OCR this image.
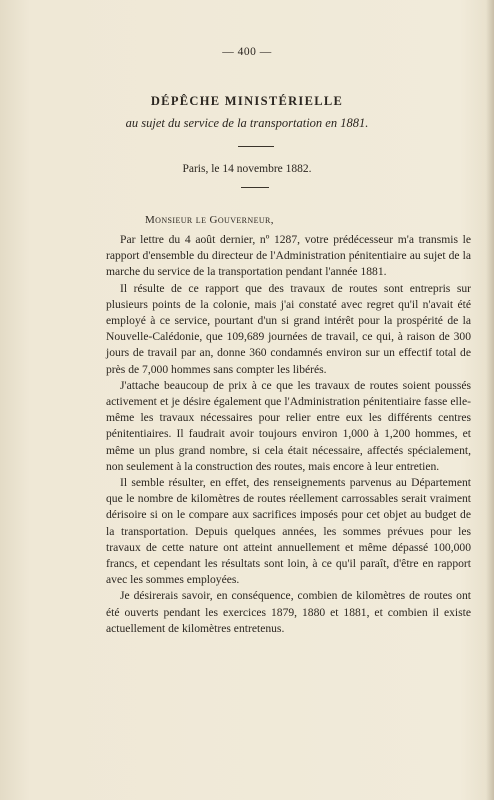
— 400 —
DÉPÊCHE MINISTÉRIELLE
au sujet du service de la transportation en 1881.
Paris, le 14 novembre 1882.
Monsieur le Gouverneur,

Par lettre du 4 août dernier, nº 1287, votre prédécesseur m'a transmis le rapport d'ensemble du directeur de l'Administration pénitentiaire au sujet de la marche du service de la transportation pendant l'année 1881.

Il résulte de ce rapport que des travaux de routes sont entrepris sur plusieurs points de la colonie, mais j'ai constaté avec regret qu'il n'avait été employé à ce service, pourtant d'un si grand intérêt pour la prospérité de la Nouvelle-Calédonie, que 109,689 journées de travail, ce qui, à raison de 300 jours de travail par an, donne 360 condamnés environ sur un effectif total de près de 7,000 hommes sans compter les libérés.

J'attache beaucoup de prix à ce que les travaux de routes soient poussés activement et je désire également que l'Administration pénitentiaire fasse elle-même les travaux nécessaires pour relier entre eux les différents centres pénitentiaires. Il faudrait avoir toujours environ 1,000 à 1,200 hommes, et même un plus grand nombre, si cela était nécessaire, affectés spécialement, non seulement à la construction des routes, mais encore à leur entretien.

Il semble résulter, en effet, des renseignements parvenus au Département que le nombre de kilomètres de routes réellement carrossables serait vraiment dérisoire si on le compare aux sacrifices imposés pour cet objet au budget de la transportation. Depuis quelques années, les sommes prévues pour les travaux de cette nature ont atteint annuellement et même dépassé 100,000 francs, et cependant les résultats sont loin, à ce qu'il paraît, d'être en rapport avec les sommes employées.

Je désirerais savoir, en conséquence, combien de kilomètres de routes ont été ouverts pendant les exercices 1879, 1880 et 1881, et combien il existe actuellement de kilomètres entretenus.
